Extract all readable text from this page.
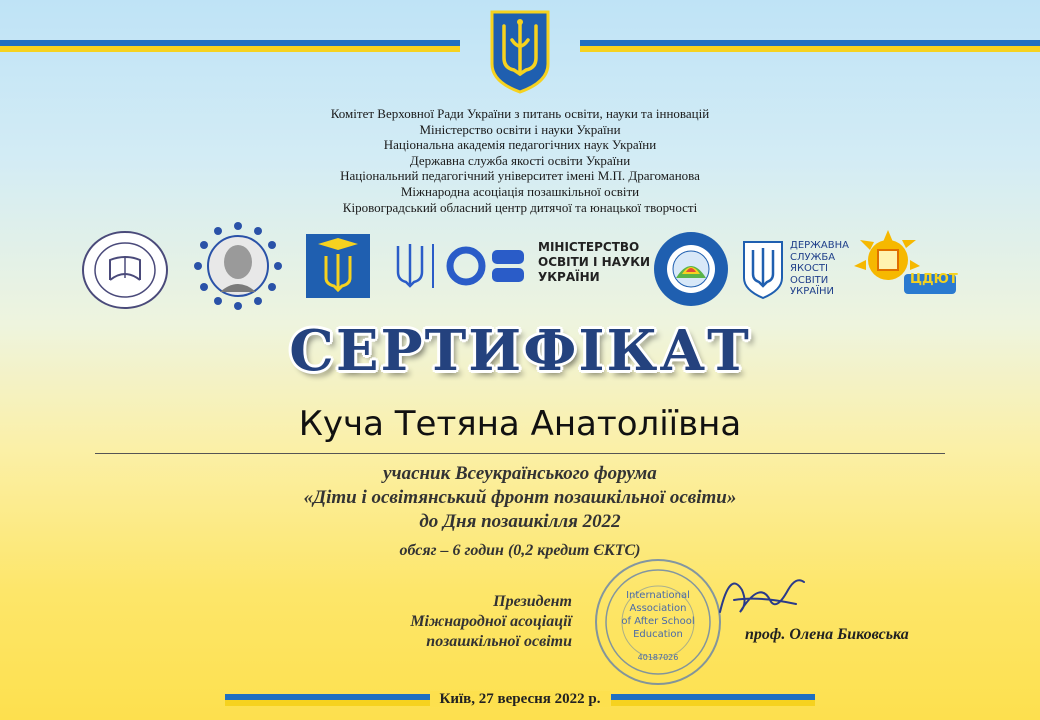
Комітет Верховної Ради України з питань освіти, науки та інновацій
Міністерство освіти і науки України
Національна академія педагогічних наук України
Державна служба якості освіти України
Національний педагогічний університет імені М.П. Драгоманова
Міжнародна асоціація позашкільної освіти
Кіровоградський обласний центр дитячої та юнацької творчості
МІНІСТЕРСТВО
ОСВІТИ І НАУКИ
УКРАЇНИ
ДЕРЖАВНА
СЛУЖБА
ЯКОСТІ
ОСВІТИ
УКРАЇНИ
ЦДЮТ
СЕРТИФІКАТ
Куча Тетяна Анатоліївна
учасник Всеукраїнського форума
«Діти і освітянський фронт позашкільної освіти»
до Дня позашкілля 2022
обсяг – 6 годин (0,2 кредит ЄКТС)
Президент
Міжнародної асоціації
позашкільної освіти
International
Association
of After School
Education
40187026
проф. Олена Биковська
Київ, 27 вересня 2022 р.
